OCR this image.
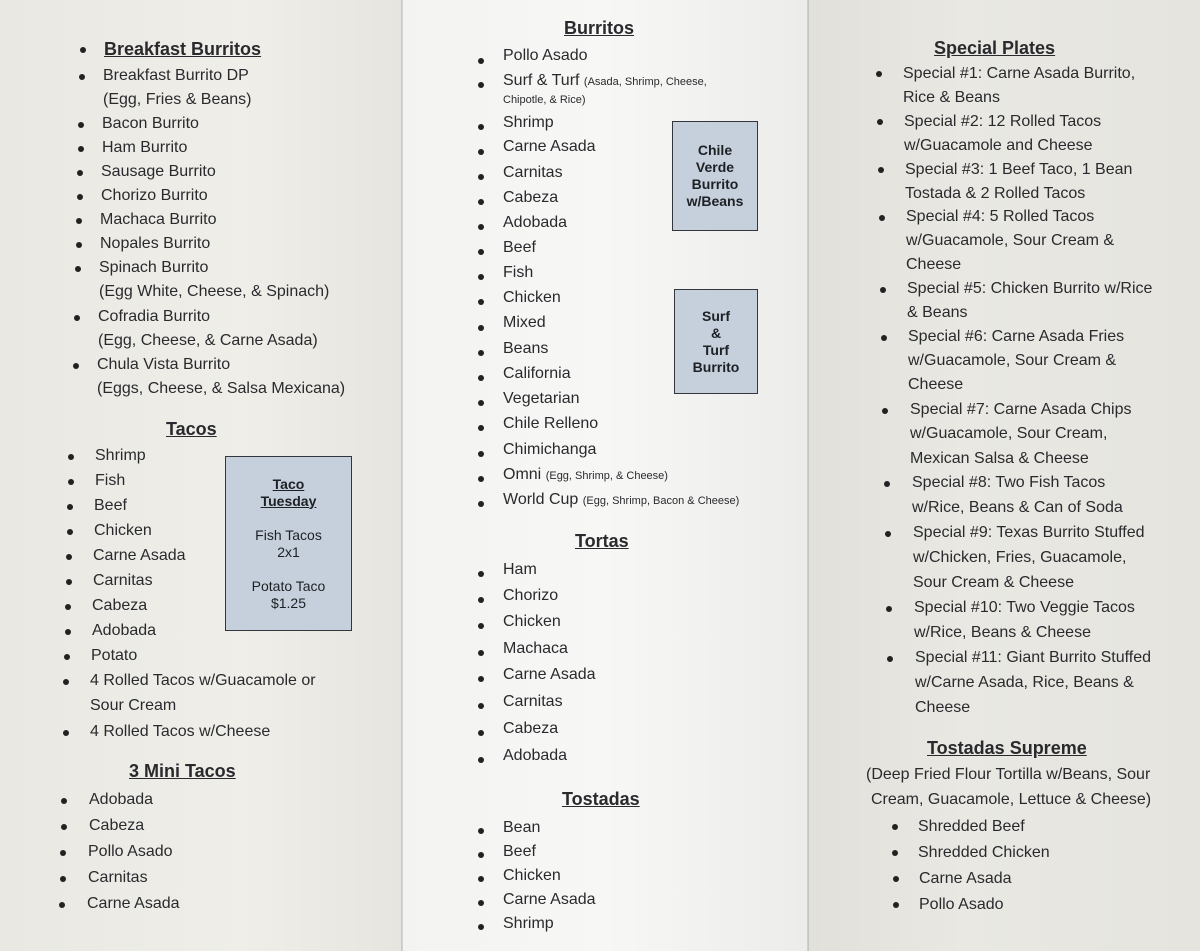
Breakfast Burritos
Breakfast Burrito DP
(Egg, Fries & Beans)
Bacon Burrito
Ham Burrito
Sausage Burrito
Chorizo Burrito
Machaca Burrito
Nopales Burrito
Spinach Burrito
(Egg White, Cheese, & Spinach)
Cofradia Burrito
(Egg, Cheese, & Carne Asada)
Chula Vista Burrito
(Eggs, Cheese, & Salsa Mexicana)
Tacos
Shrimp
Fish
Beef
Chicken
Carne Asada
Carnitas
Cabeza
Adobada
Potato
4 Rolled Tacos w/Guacamole or
Sour Cream
4 Rolled Tacos w/Cheese
Taco
Tuesday
Fish Tacos
2x1
Potato Taco
$1.25
3 Mini Tacos
Adobada
Cabeza
Pollo Asado
Carnitas
Carne Asada
Burritos
Pollo Asado
Surf & Turf (Asada, Shrimp, Cheese,
Chipotle, & Rice)
Shrimp
Carne Asada
Carnitas
Cabeza
Adobada
Beef
Fish
Chicken
Mixed
Beans
California
Vegetarian
Chile Relleno
Chimichanga
Omni (Egg, Shrimp, & Cheese)
World Cup (Egg, Shrimp, Bacon & Cheese)
Chile
Verde
Burrito
w/Beans
Surf
&
Turf
Burrito
Tortas
Ham
Chorizo
Chicken
Machaca
Carne Asada
Carnitas
Cabeza
Adobada
Tostadas
Bean
Beef
Chicken
Carne Asada
Shrimp
Special Plates
Special #1: Carne Asada Burrito,
Rice & Beans
Special #2: 12 Rolled Tacos
w/Guacamole and Cheese
Special #3: 1 Beef Taco, 1 Bean
Tostada & 2 Rolled Tacos
Special #4: 5 Rolled Tacos
w/Guacamole, Sour Cream &
Cheese
Special #5: Chicken Burrito w/Rice
& Beans
Special #6: Carne Asada Fries
w/Guacamole, Sour Cream &
Cheese
Special #7: Carne Asada Chips
w/Guacamole, Sour Cream,
Mexican Salsa & Cheese
Special #8: Two Fish Tacos
w/Rice, Beans & Can of Soda
Special #9: Texas Burrito Stuffed
w/Chicken, Fries, Guacamole,
Sour Cream & Cheese
Special #10: Two Veggie Tacos
w/Rice, Beans & Cheese
Special #11: Giant Burrito Stuffed
w/Carne Asada, Rice, Beans &
Cheese
Tostadas Supreme
(Deep Fried Flour Tortilla w/Beans, Sour
Cream, Guacamole, Lettuce & Cheese)
Shredded Beef
Shredded Chicken
Carne Asada
Pollo Asado
